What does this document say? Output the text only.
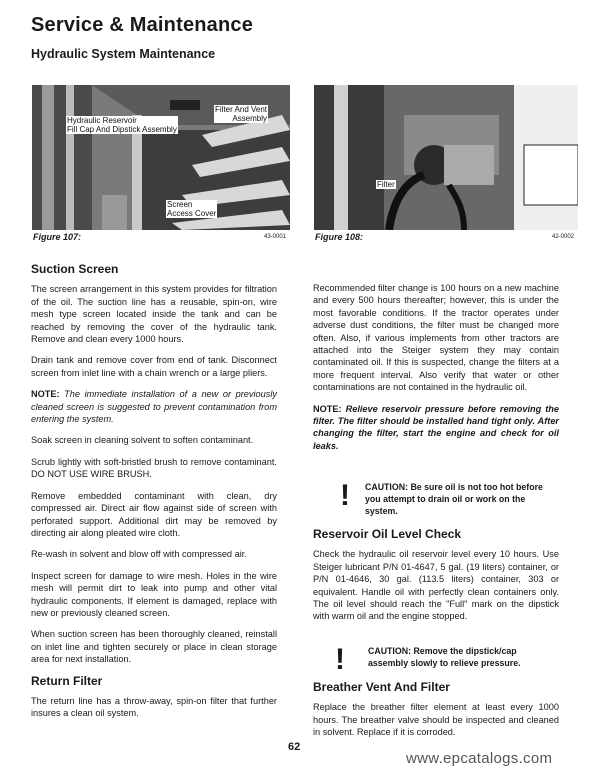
Service & Maintenance
Hydraulic System Maintenance
Hydraulic Reservoir
Fill Cap And Dipstick Assembly
Filter And Vent
Assembly
Screen
Access Cover
Figure 107:	43-0001
Filter
Figure 108:	42-0002
Suction Screen

The screen arrangement in this system provides for filtration of the oil. The suction line has a reusable, spin-on, wire mesh type screen located inside the tank and can be reached by removing the cover of the hydraulic tank. Remove and clean every 1000 hours.

Drain tank and remove cover from end of tank. Disconnect screen from inlet line with a chain wrench or a large pliers.

NOTE: The immediate installation of a new or previously cleaned screen is suggested to prevent contamination from entering the system.

Soak screen in cleaning solvent to soften contaminant.

Scrub lightly with soft-bristled brush to remove contaminant. DO NOT USE WIRE BRUSH.

Remove embedded contaminant with clean, dry compressed air. Direct air flow against side of screen with perforated support. Additional dirt may be removed by directing air along pleated wire cloth.

Re-wash in solvent and blow off with compressed air.

Inspect screen for damage to wire mesh. Holes in the wire mesh will permit dirt to leak into pump and other vital hydraulic components. If element is damaged, replace with new or previously cleaned screen.

When suction screen has been thoroughly cleaned, reinstall on inlet line and tighten securely or place in clean storage area for next installation.

Return Filter

The return line has a throw-away, spin-on filter that further insures a clean oil system.

Recommended filter change is 100 hours on a new machine and every 500 hours thereafter; however, this is under the most favorable conditions. If the tractor operates under adverse dust conditions, the filter must be changed more often. Also, if various implements from other tractors are attached into the Steiger system they may contain contaminated oil. If this is suspected, change the filters at a more frequent interval. Also verify that water or other contaminations are not contained in the hydraulic oil.

NOTE: Relieve reservoir pressure before removing the filter. The filter should be installed hand tight only. After changing the filter, start the engine and check for oil leaks.

!	CAUTION: Be sure oil is not too hot before you attempt to drain oil or work on the system.
Reservoir Oil Level Check

Check the hydraulic oil reservoir level every 10 hours. Use Steiger lubricant P/N 01-4647, 5 gal. (19 liters) container, or P/N 01-4646, 30 gal. (113.5 liters) container, 303 or equivalent. Handle oil with perfectly clean containers only. The oil level should reach the "Full" mark on the dipstick with warm oil and the engine stopped.

!	CAUTION: Remove the dipstick/cap assembly slowly to relieve pressure.
Breather Vent And Filter

Replace the breather filter element at least every 1000 hours. The breather valve should be inspected and cleaned in solvent. Replace if it is corroded.

62
www.epcatalogs.com
